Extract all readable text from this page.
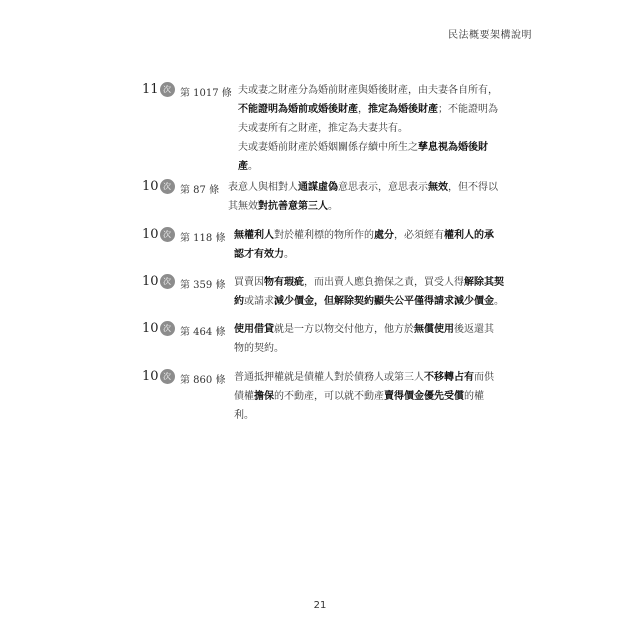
民法概要架構說明
11 次 第 1017 條 夫或妻之財產分為婚前財產與婚後財產，由夫妻各自所有，

不能證明為婚前或婚後財產，推定為婚後財產；不能證明為

夫或妻所有之財產，推定為夫妻共有。

夫或妻婚前財產於婚姻關係存續中所生之孳息視為婚後財

產。

10 次 第 87 條 表意人與相對人通謀虛偽意思表示，意思表示無效，但不得以

其無效對抗善意第三人。

10 次 第 118 條 無權利人對於權利標的物所作的處分，必須經有權利人的承

認才有效力。

10 次 第 359 條 買賣因物有瑕疵，而出賣人應負擔保之責，買受人得解除其契

約或請求減少價金，但解除契約顯失公平僅得請求減少價金。

10 次 第 464 條 使用借貸就是一方以物交付他方，他方於無償使用後返還其

物的契約。

10 次 第 860 條 普通抵押權就是債權人對於債務人或第三人不移轉占有而供

債權擔保的不動產，可以就不動產賣得價金優先受償的權

利。

21
